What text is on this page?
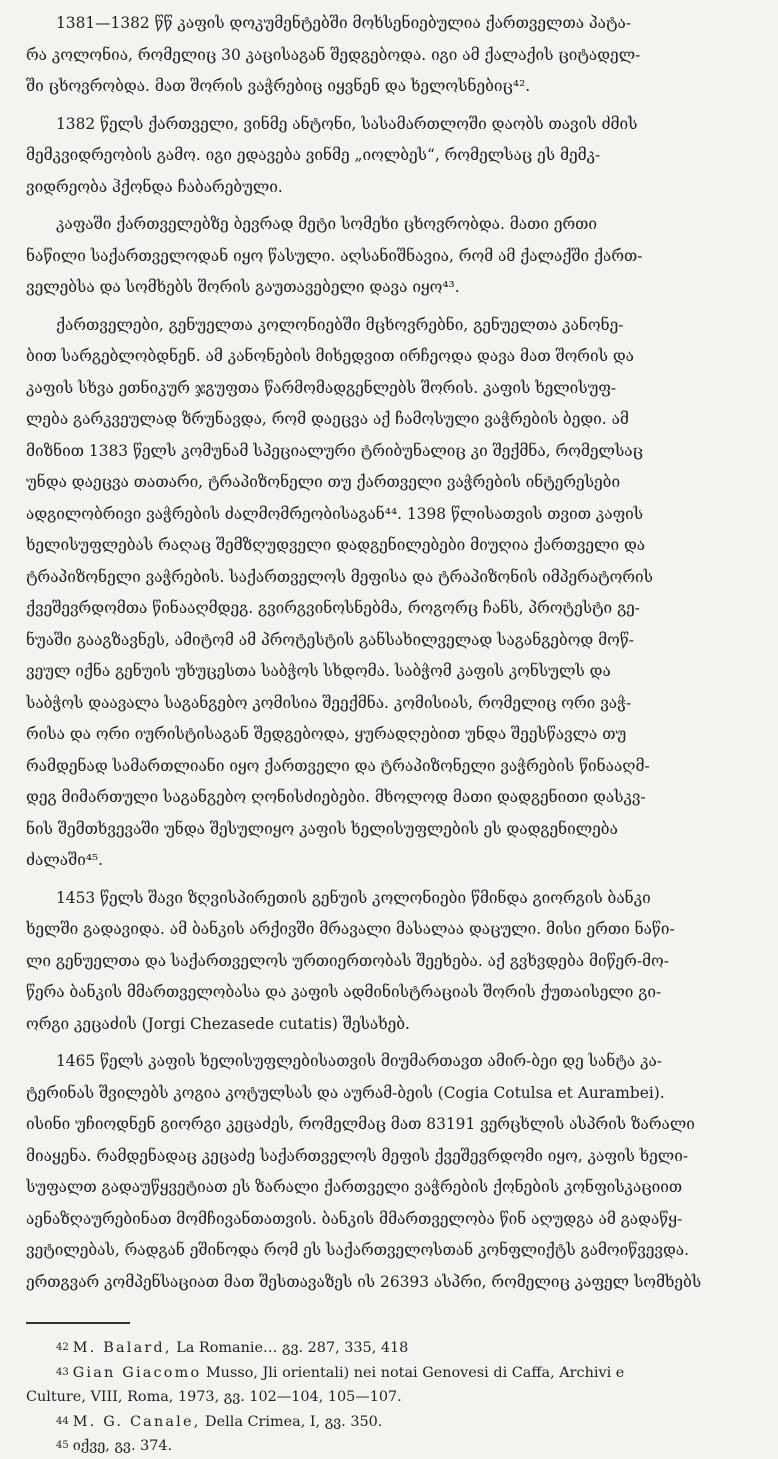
1381—1382 წწ კაფის დოკუმენტებში მოხსენიებულია ქართველთა პატა-
რა კოლონია, რომელიც 30 კაცისაგან შედგებოდა. იგი ამ ქალაქის ციტადელ-
ში ცხოვრობდა. მათ შორის ვაჭრებიც იყვნენ და ხელოსნებიც⁴².

1382 წელს ქართველი, ვინმე ანტონი, სასამართლოში დაობს თავის ძმის
მემკვიდრეობის გამო. იგი ედავება ვინმე „იოლბეს“, რომელსაც ეს მემკ-
ვიდრეობა ჰქონდა ჩაბარებული.

კაფაში ქართველებზე ბევრად მეტი სომეხი ცხოვრობდა. მათი ერთი
ნაწილი საქართველოდან იყო წასული. აღსანიშნავია, რომ ამ ქალაქში ქართ-
ველებსა და სომხებს შორის გაუთავებელი დავა იყო⁴³.

ქართველები, გენუელთა კოლონიებში მცხოვრებნი, გენუელთა კანონე-
ბით სარგებლობდნენ. ამ კანონების მიხედვით ირჩეოდა დავა მათ შორის და
კაფის სხვა ეთნიკურ ჯგუფთა წარმომადგენლებს შორის. კაფის ხელისუფ-
ლება გარკვეულად ზრუნავდა, რომ დაეცვა აქ ჩამოსული ვაჭრების ბედი. ამ
მიზნით 1383 წელს კომუნამ სპეციალური ტრიბუნალიც კი შექმნა, რომელსაც
უნდა დაეცვა თათარი, ტრაპიზონელი თუ ქართველი ვაჭრების ინტერესები
ადგილობრივი ვაჭრების ძალმომრეობისაგან⁴⁴. 1398 წლისათვის თვით კაფის
ხელისუფლებას რაღაც შემზღუდველი დადგენილებები მიუღია ქართველი და
ტრაპიზონელი ვაჭრების. საქართველოს მეფისა და ტრაპიზონის იმპერატორის
ქვეშევრდომთა წინააღმდეგ. გვირგვინოსნებმა, როგორც ჩანს, პროტესტი გე-
ნუაში გააგზავნეს, ამიტომ ამ პროტესტის განსახილველად საგანგებოდ მოწ-
ვეულ იქნა გენუის უხუცესთა საბჭოს სხდომა. საბჭომ კაფის კონსულს და
საბჭოს დაავალა საგანგებო კომისია შეექმნა. კომისიას, რომელიც ორი ვაჭ-
რისა და ორი იურისტისაგან შედგებოდა, ყურადღებით უნდა შეესწავლა თუ
რამდენად სამართლიანი იყო ქართველი და ტრაპიზონელი ვაჭრების წინააღმ-
დეგ მიმართული საგანგებო ღონისძიებები. მხოლოდ მათი დადგენითი დასკვ-
ნის შემთხვევაში უნდა შესულიყო კაფის ხელისუფლების ეს დადგენილება
ძალაში⁴⁵.

1453 წელს შავი ზღვისპირეთის გენუის კოლონიები წმინდა გიორგის ბანკი
ხელში გადავიდა. ამ ბანკის არქივში მრავალი მასალაა დაცული. მისი ერთი ნაწი-
ლი გენუელთა და საქართველოს ურთიერთობას შეეხება. აქ გვხვდება მიწერ-მო-
წერა ბანკის მმართველობასა და კაფის ადმინისტრაციას შორის ქუთაისელი გი-
ორგი კეცაძის (Jorgi Chezasede cutatis) შესახებ.

1465 წელს კაფის ხელისუფლებისათვის მიუმართავთ ამირ-ბეი დე სანტა კა-
ტერინას შვილებს კოგია კოტულსას და აურამ-ბეის (Cogia Cotulsa et Aurambei).
ისინი უჩიოდნენ გიორგი კეცაძეს, რომელმაც მათ 83191 ვერცხლის ასპრის ზარალი
მიაყენა. რამდენადაც კეცაძე საქართველოს მეფის ქვეშევრდომი იყო, კაფის ხელი-
სუფალთ გადაუწყვეტიათ ეს ზარალი ქართველი ვაჭრების ქონების კონფისკაციით
აენაზღაურებინათ მომჩივანთათვის. ბანკის მმართველობა წინ აღუდგა ამ გადაწყ-
ვეტილებას, რადგან ეშინოდა რომ ეს საქართველოსთან კონფლიქტს გამოიწვევდა.
ერთგვარ კომპენსაციათ მათ შესთავაზეს ის 26393 ასპრი, რომელიც კაფელ სომხებს

$^{42}$ M. Balard, La Romanie… გვ. 287, 335, 418
$^{43}$ Gian Giacomo Musso, Jli orientali) nei notai Genovesi di Caffa, Archivi e
Culture, VIII, Roma, 1973, გვ. 102—104, 105—107.
$^{44}$ M. G. Canale, Della Crimea, I, გვ. 350.
$^{45}$ იქვე, გვ. 374.
